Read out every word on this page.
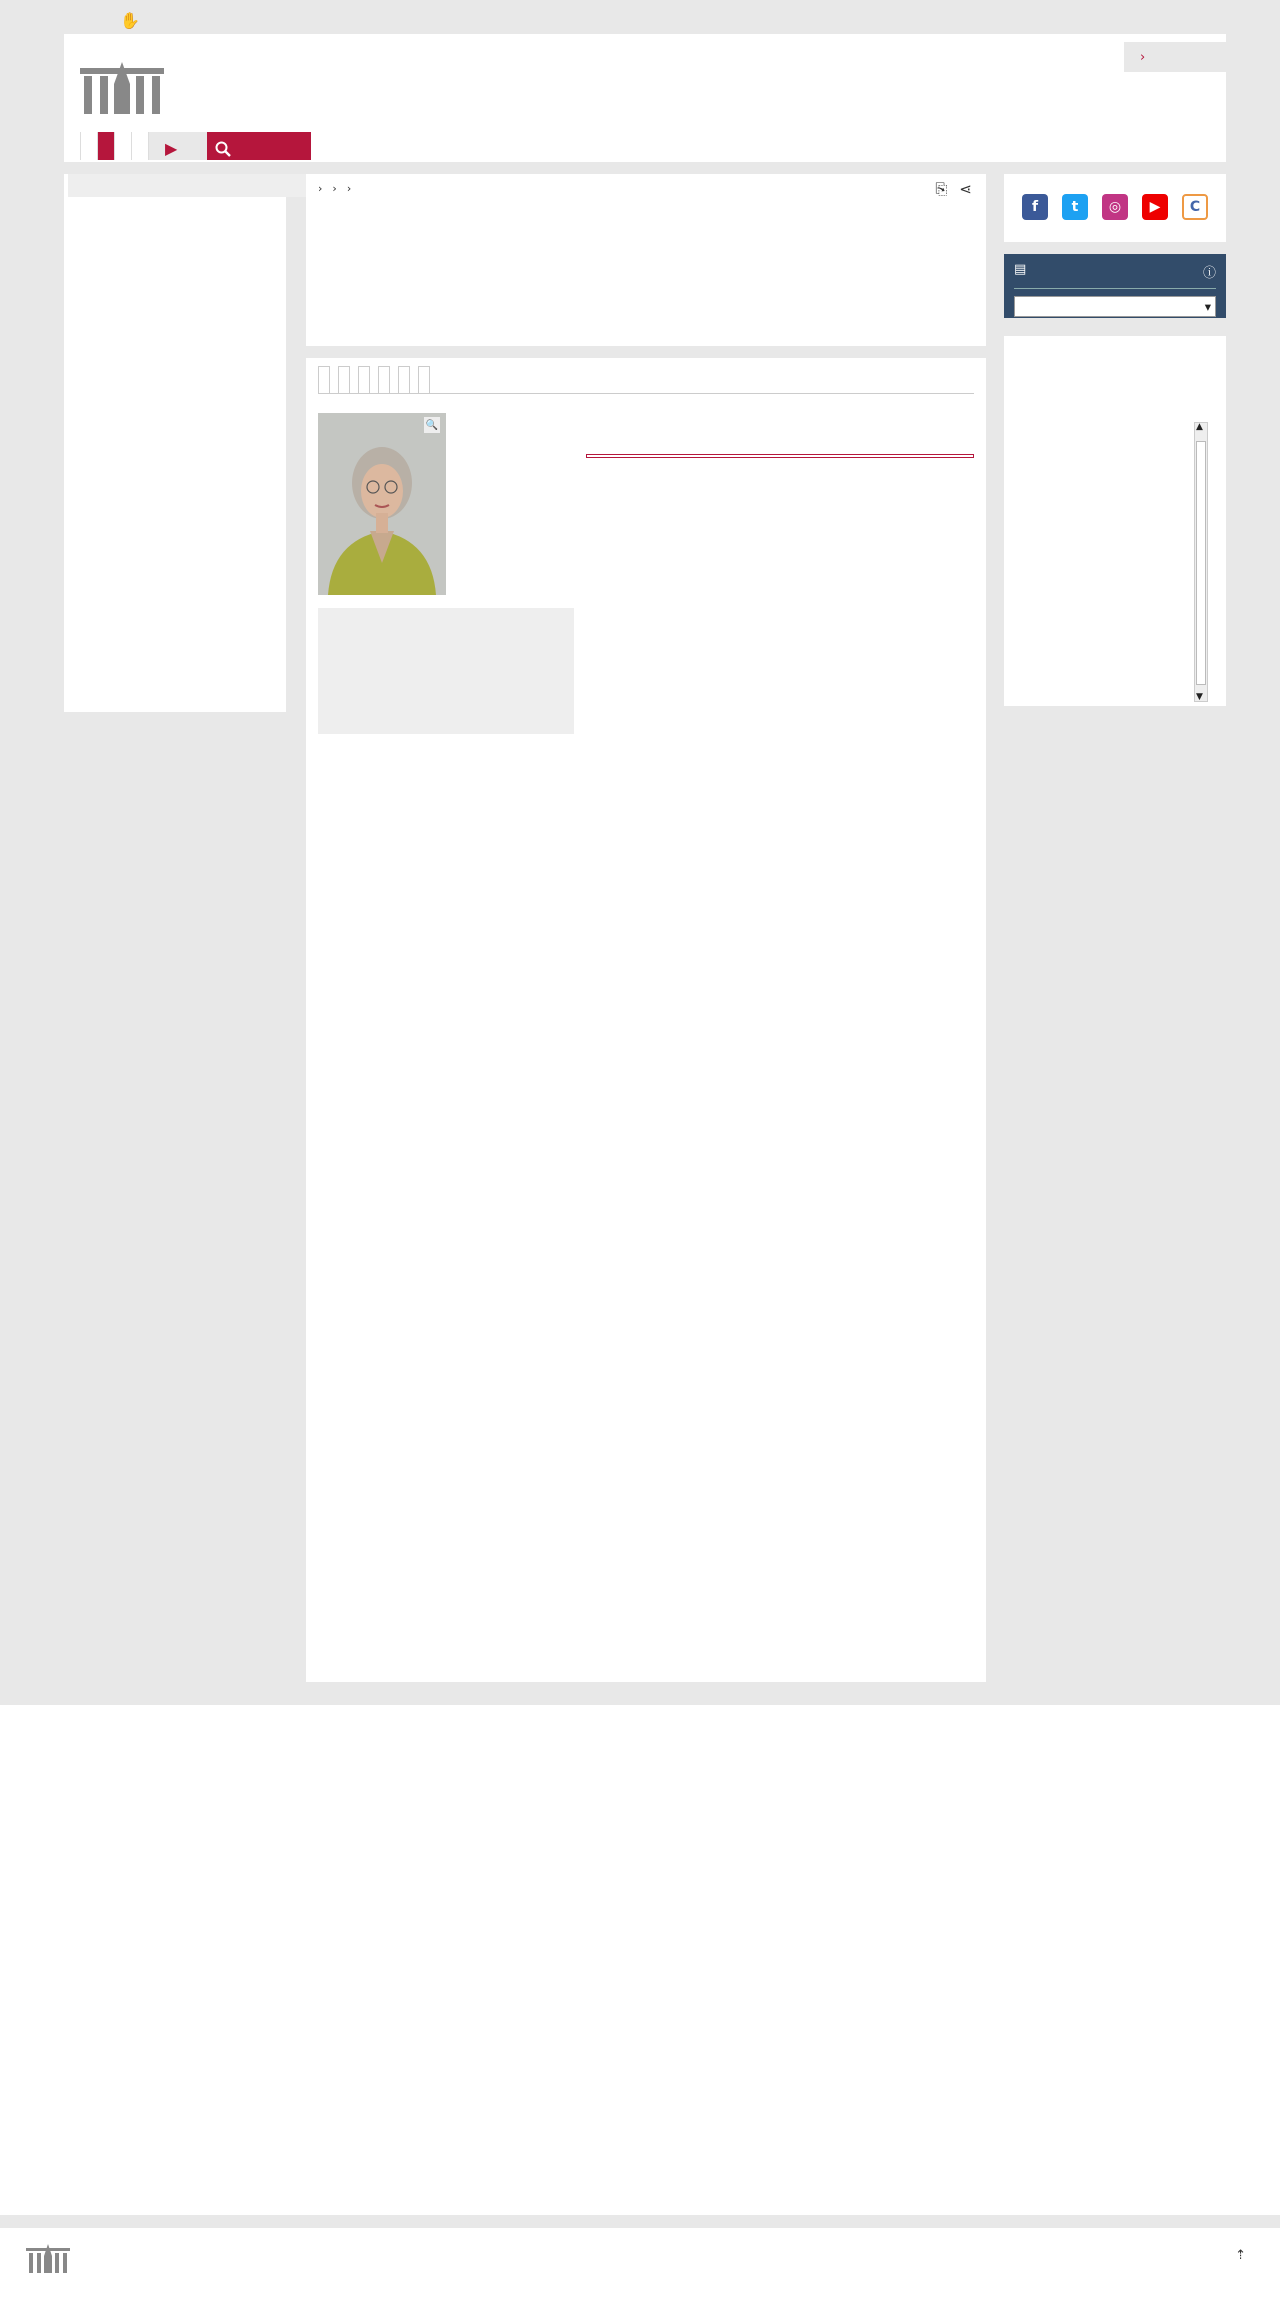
✋
›
▶
›
›
›
⎘ ⋖
🔍

f	t	◎	▶	C
▤	ⓘ
▾
▲
▼
⇡
